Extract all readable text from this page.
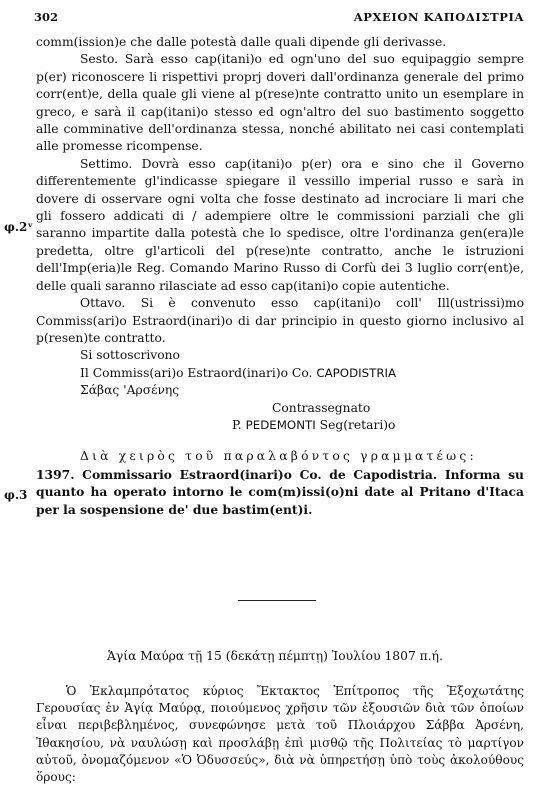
302	ΑΡΧΕΙΟΝ ΚΑΠΟΔΙΣΤΡΙΑ
φ.2ᵛ
φ.3

comm(ission)e che dalle potestà dalle quali dipende gli derivasse.

Sesto. Sarà esso cap(itani)o ed ogn'uno del suo equipaggio sempre p(er) riconoscere li rispettivi proprj doveri dall'ordinanza generale del primo corr(ent)e, della quale gli viene al p(rese)nte contratto unito un esemplare in greco, e sarà il cap(itani)o stesso ed ogn'altro del suo bastimento soggetto alle comminative dell'ordinanza stessa, nonché abilitato nei casi contemplati alle promesse ricompense.

Settimo. Dovrà esso cap(itani)o p(er) ora e sino che il Governo differentemente gl'indicasse spiegare il vessillo imperial russo e sarà in dovere di osservare ogni volta che fosse destinato ad incrociare li mari che gli fossero addicati di / adempiere oltre le commissioni parziali che gli saranno impartite dalla potestà che lo spedisce, oltre l'ordinanza gen(era)le predetta, oltre gl'articoli del p(rese)nte contratto, anche le istruzioni dell'Imp(eria)le Reg. Comando Marino Russo di Corfù dei 3 luglio corr(ent)e, delle quali saranno rilasciate ad esso cap(itani)o copie autentiche.

Ottavo. Si è convenuto esso cap(itani)o coll' Ill(ustrissi)mo Commiss(ari)o Estraord(inari)o di dar principio in questo giorno inclusivo al p(resen)te contratto.

Si sottoscrivono
Il Commiss(ari)o Estraord(inari)o Co. CAPODISTRIA
Σάβας 'Αρσένης
Contrassegnato
P. PEDEMONTI Seg(retari)o

Διὰ χειρὸς τοῦ παραλαβόντος γραμματέως:

1397. Commissario Estraord(inari)o Co. de Capodistria. Informa su quanto ha operato intorno le com(m)issi(o)ni date al Pritano d'Itaca per la sospensione de' due bastim(ent)i.

Ἁγία Μαύρα τῇ 15 (δεκάτῃ πέμπτῃ) Ἰουλίου 1807 π.ή.

Ὁ Ἐκλαμπρότατος κύριος Ἔκτακτος Ἐπίτροπος τῆς Ἐξοχωτάτης Γερουσίας ἐν Ἁγίᾳ Μαύρᾳ, ποιούμενος χρῆσιν τῶν ἐξουσιῶν διὰ τῶν ὁποίων εἶναι περιβεβλημένος, συνεφώνησε μετὰ τοῦ Πλοιάρχου Σάββα Ἀρσένη, Ἰθακησίου, νὰ ναυλώσῃ καὶ προσλάβῃ ἐπὶ μισθῷ τῆς Πολιτείας τὸ μαρτίγον αὐτοῦ, ὀνομαζόμενον «Ὁ Ὀδυσσεύς», διὰ νὰ ὑπηρετήσῃ ὑπὸ τοὺς ἀκολούθους ὅρους:
